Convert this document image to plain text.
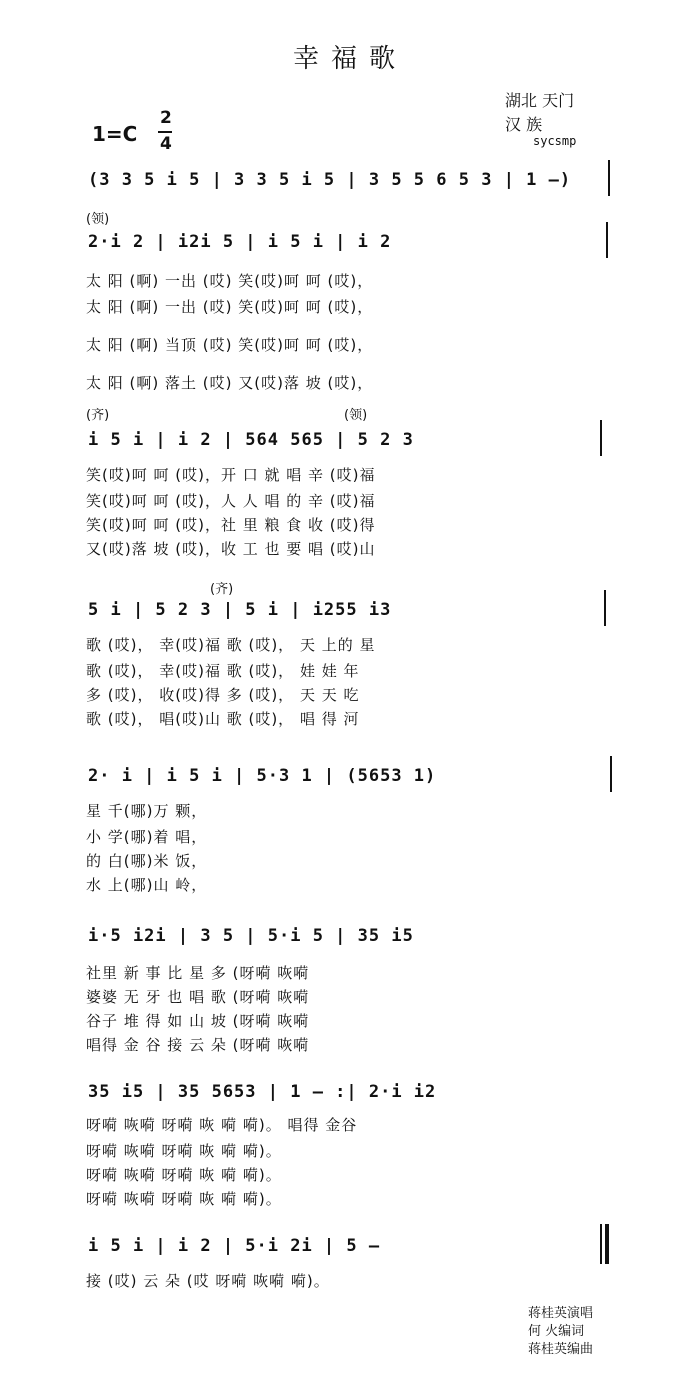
幸福歌
湖北 天门
汉 族
sycsmp
1=C
2
4
(3 3 5 i 5 | 3 3 5 i 5 | 3 5 5 6 5 3 | 1 —)
(领)
2·i 2 | i2i 5 | i 5 i | i 2
太 阳 (啊) 一出 (哎) 笑(哎)呵 呵 (哎)，
太 阳 (啊) 一出 (哎) 笑(哎)呵 呵 (哎)，
太 阳 (啊) 当顶 (哎) 笑(哎)呵 呵 (哎)，
太 阳 (啊) 落土 (哎) 又(哎)落 坡 (哎)，
(齐)	(领)
i 5 i | i 2 | 564 565 | 5 2 3
笑(哎)呵 呵 (哎)，开 口 就 唱 辛 (哎)福
笑(哎)呵 呵 (哎)，人 人 唱 的 辛 (哎)福
笑(哎)呵 呵 (哎)，社 里 粮 食 收 (哎)得
又(哎)落 坡 (哎)，收 工 也 要 唱 (哎)山
(齐)
5 i | 5 2 3 | 5 i | i255 i3
歌 (哎)， 幸(哎)福 歌 (哎)， 天 上的 星
歌 (哎)， 幸(哎)福 歌 (哎)， 娃 娃 年
多 (哎)， 收(哎)得 多 (哎)， 天 天 吃
歌 (哎)， 唱(哎)山 歌 (哎)， 唱 得 河
2· i | i 5 i | 5·3 1 | (5653 1)
星 千(哪)万 颗，
小 学(哪)着 唱，
的 白(哪)米 饭，
水 上(哪)山 岭，
i·5 i2i | 3 5 | 5·i 5 | 35 i5
社里 新 事 比 星 多 (呀嗬 咴嗬
婆婆 无 牙 也 唱 歌 (呀嗬 咴嗬
谷子 堆 得 如 山 坡 (呀嗬 咴嗬
唱得 金 谷 接 云 朵 (呀嗬 咴嗬
35 i5 | 35 5653 | 1 — :| 2·i i2
呀嗬 咴嗬 呀嗬 咴 嗬 嗬)。 唱得 金谷
呀嗬 咴嗬 呀嗬 咴 嗬 嗬)。
呀嗬 咴嗬 呀嗬 咴 嗬 嗬)。
呀嗬 咴嗬 呀嗬 咴 嗬 嗬)。
i 5 i | i 2 | 5·i 2i | 5 —
接 (哎) 云 朵 (哎 呀嗬 咴嗬 嗬)。
蒋桂英演唱
何 火编词
蒋桂英编曲
